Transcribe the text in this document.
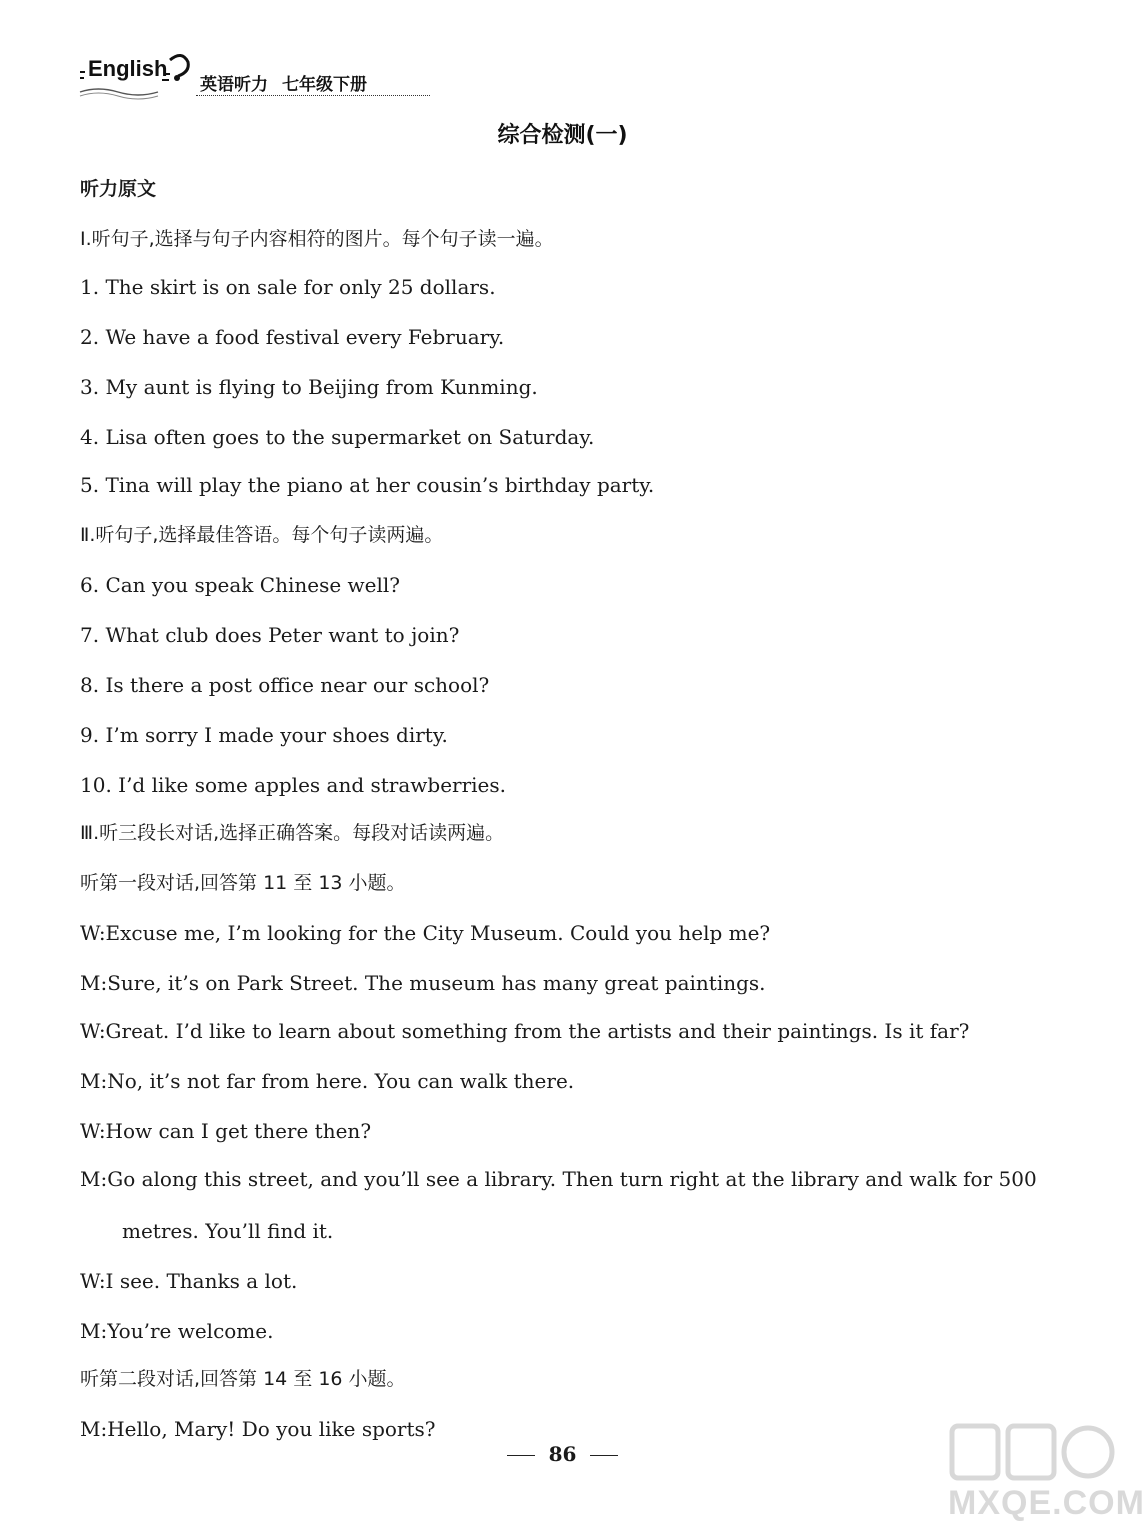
English
英语听力 七年级下册
综合检测(一)
听力原文
Ⅰ.听句子,选择与句子内容相符的图片。每个句子读一遍。
1. The skirt is on sale for only 25 dollars.
2. We have a food festival every February.
3. My aunt is flying to Beijing from Kunming.
4. Lisa often goes to the supermarket on Saturday.
5. Tina will play the piano at her cousin’s birthday party.
Ⅱ.听句子,选择最佳答语。每个句子读两遍。
6. Can you speak Chinese well?
7. What club does Peter want to join?
8. Is there a post office near our school?
9. I’m sorry I made your shoes dirty.
10. I’d like some apples and strawberries.
Ⅲ.听三段长对话,选择正确答案。每段对话读两遍。
听第一段对话,回答第 11 至 13 小题。
W:Excuse me, I’m looking for the City Museum. Could you help me?
M:Sure, it’s on Park Street. The museum has many great paintings.
W:Great. I’d like to learn about something from the artists and their paintings. Is it far?
M:No, it’s not far from here. You can walk there.
W:How can I get there then?
M:Go along this street, and you’ll see a library. Then turn right at the library and walk for 500
metres. You’ll find it.
W:I see. Thanks a lot.
M:You’re welcome.
听第二段对话,回答第 14 至 16 小题。
M:Hello, Mary! Do you like sports?
86
MXQE.COM
